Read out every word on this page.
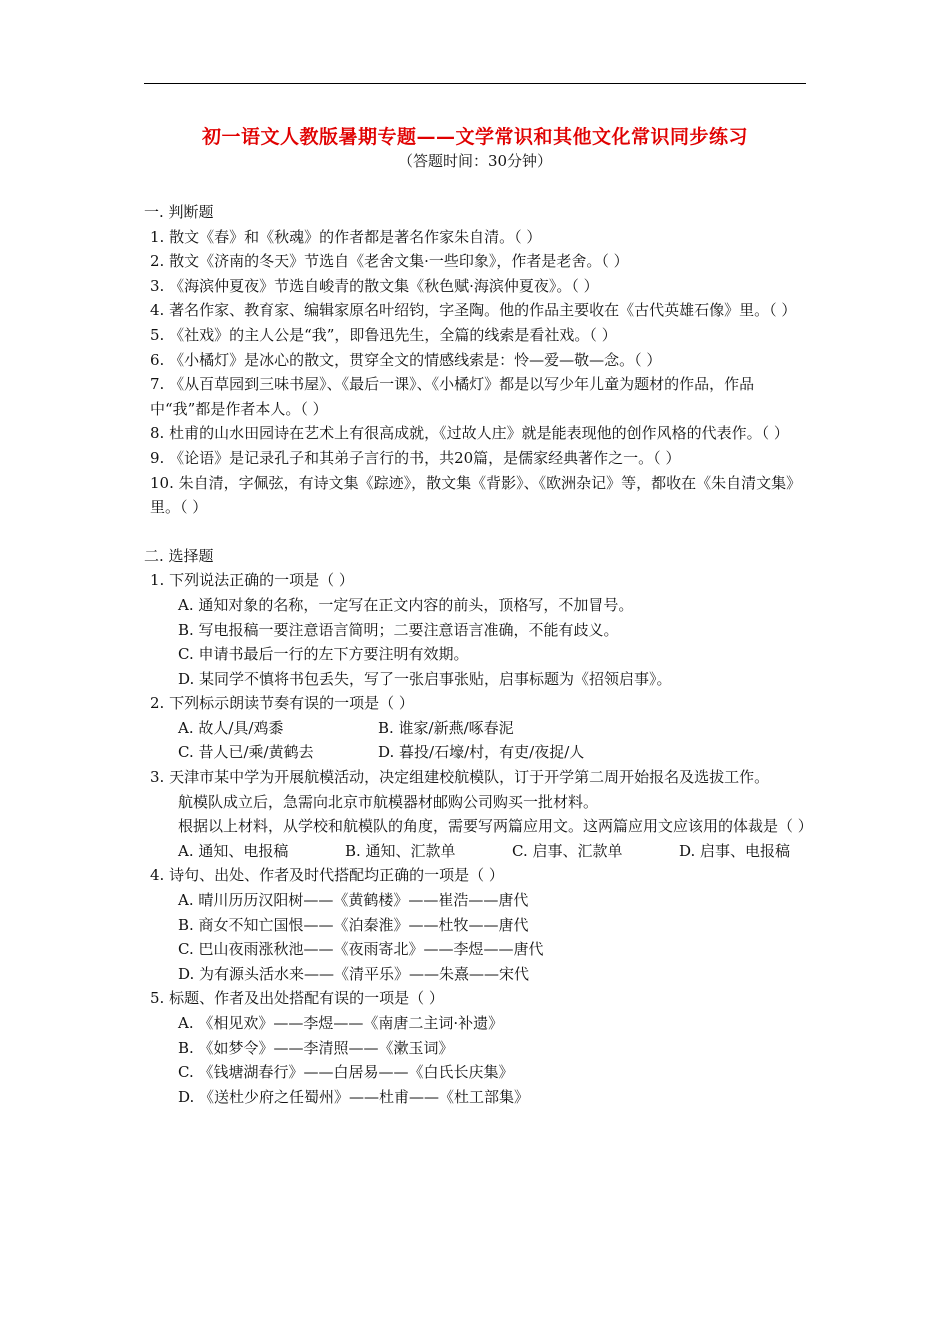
初一语文人教版暑期专题——文学常识和其他文化常识同步练习
（答题时间：30分钟）
一. 判断题
1. 散文《春》和《秋魂》的作者都是著名作家朱自清。（ ）
2. 散文《济南的冬天》节选自《老舍文集·一些印象》，作者是老舍。（ ）
3. 《海滨仲夏夜》节选自峻青的散文集《秋色赋·海滨仲夏夜》。（ ）
4. 著名作家、教育家、编辑家原名叶绍钧，字圣陶。他的作品主要收在《古代英雄石像》里。（ ）
5. 《社戏》的主人公是“我”，即鲁迅先生，全篇的线索是看社戏。（ ）
6. 《小橘灯》是冰心的散文，贯穿全文的情感线索是：怜—爱—敬—念。（ ）
7. 《从百草园到三味书屋》、《最后一课》、《小橘灯》都是以写少年儿童为题材的作品，作品中“我”都是作者本人。（ ）
8. 杜甫的山水田园诗在艺术上有很高成就，《过故人庄》就是能表现他的创作风格的代表作。（ ）
9. 《论语》是记录孔子和其弟子言行的书，共20篇，是儒家经典著作之一。（ ）
10. 朱自清，字佩弦，有诗文集《踪迹》，散文集《背影》、《欧洲杂记》等，都收在《朱自清文集》里。（ ）
二. 选择题
1. 下列说法正确的一项是（ ）
A. 通知对象的名称，一定写在正文内容的前头，顶格写，不加冒号。
B. 写电报稿一要注意语言简明；二要注意语言准确，不能有歧义。
C. 申请书最后一行的左下方要注明有效期。
D. 某同学不慎将书包丢失，写了一张启事张贴，启事标题为《招领启事》。
2. 下列标示朗读节奏有误的一项是（ ）
A. 故人/具/鸡黍	B. 谁家/新燕/啄春泥
C. 昔人已/乘/黄鹤去	D. 暮投/石壕/村，有吏/夜捉/人
3. 天津市某中学为开展航模活动，决定组建校航模队，订于开学第二周开始报名及选拔工作。
航模队成立后，急需向北京市航模器材邮购公司购买一批材料。
根据以上材料，从学校和航模队的角度，需要写两篇应用文。这两篇应用文应该用的体裁是（ ）
A. 通知、电报稿	B. 通知、汇款单	C. 启事、汇款单	D. 启事、电报稿
4. 诗句、出处、作者及时代搭配均正确的一项是（ ）
A. 晴川历历汉阳树——《黄鹤楼》——崔浩——唐代
B. 商女不知亡国恨——《泊秦淮》——杜牧——唐代
C. 巴山夜雨涨秋池——《夜雨寄北》——李煜——唐代
D. 为有源头活水来——《清平乐》——朱熹——宋代
5. 标题、作者及出处搭配有误的一项是（ ）
A. 《相见欢》——李煜——《南唐二主词·补遗》
B. 《如梦令》——李清照——《漱玉词》
C. 《钱塘湖春行》——白居易——《白氏长庆集》
D. 《送杜少府之任蜀州》——杜甫——《杜工部集》
